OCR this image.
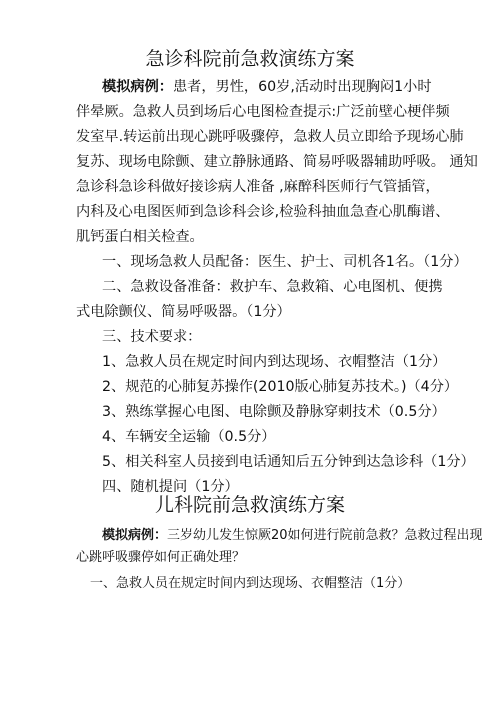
急诊科院前急救演练方案
模拟病例：患者，男性，60岁,活动时出现胸闷1小时
伴晕厥。急救人员到场后心电图检查提示:广泛前壁心梗伴频
发室早.转运前出现心跳呼吸骤停，急救人员立即给予现场心肺
复苏、现场电除颤、建立静脉通路、简易呼吸器辅助呼吸。 通知
急诊科急诊科做好接诊病人准备 ,麻醉科医师行气管插管，
内科及心电图医师到急诊科会诊,检验科抽血急查心肌酶谱、
肌钙蛋白相关检查。
一、现场急救人员配备：医生、护士、司机各1名。（1分）
二、急救设备准备：救护车、急救箱、心电图机、便携
式电除颤仪、简易呼吸器。（1分）
三、技术要求：
1、急救人员在规定时间内到达现场、衣帽整洁（1分）
2、规范的心肺复苏操作(2010版心肺复苏技术。)（4分）
3、熟练掌握心电图、电除颤及静脉穿刺技术（0.5分）
4、车辆安全运输（0.5分）
5、相关科室人员接到电话通知后五分钟到达急诊科（1分）
四、随机提问（1分）
儿科院前急救演练方案
模拟病例：三岁幼儿发生惊厥20如何进行院前急救？急救过程出现
心跳呼吸骤停如何正确处理？
一、急救人员在规定时间内到达现场、衣帽整洁（1分）
